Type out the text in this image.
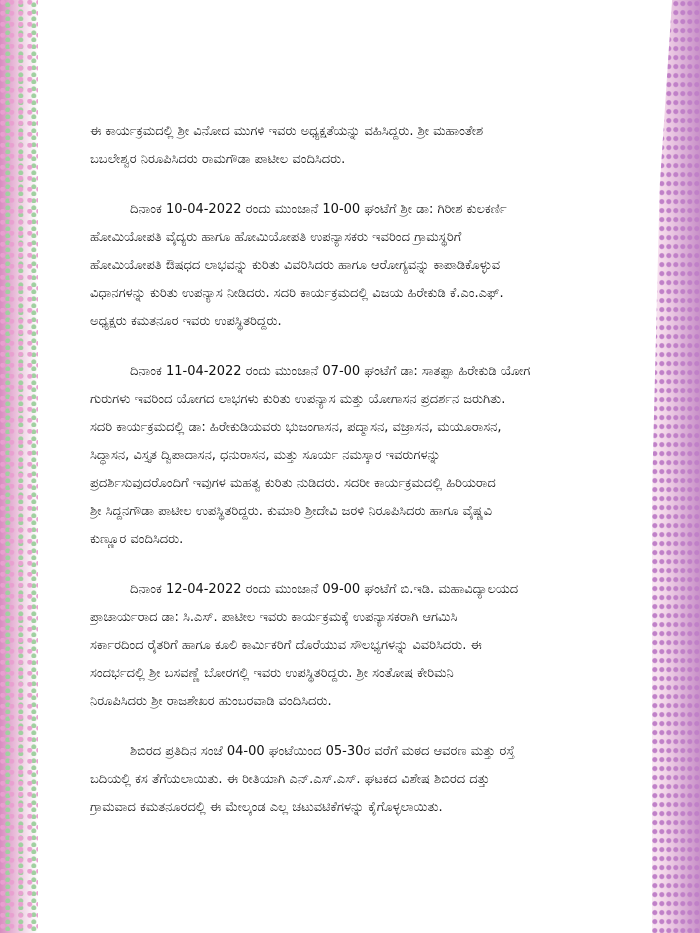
ಈ ಕಾರ್ಯಕ್ರಮದಲ್ಲಿ ಶ್ರೀ ವಿನೋದ ಮುಗಳಿ ಇವರು ಅಧ್ಯಕ್ಷತೆಯನ್ನು ವಹಿಸಿದ್ದರು. ಶ್ರೀ ಮಹಾಂತೇಶ
ಬಬಲೇಶ್ವರ ನಿರೂಪಿಸಿದರು ರಾಮಗೌಡಾ ಪಾಟೀಲ ವಂದಿಸಿದರು.
ದಿನಾಂಕ 10-04-2022 ರಂದು ಮುಂಜಾನೆ 10-00 ಘಂಟೆಗೆ ಶ್ರೀ ಡಾ: ಗಿರೀಶ ಕುಲಕರ್ಣಿ
ಹೋಮಿಯೋಪತಿ ವೈದ್ಯರು ಹಾಗೂ ಹೋಮಿಯೋಪತಿ ಉಪನ್ಯಾಸಕರು ಇವರಿಂದ ಗ್ರಾಮಸ್ಥರಿಗೆ
ಹೋಮಿಯೋಪತಿ ಔಷಧದ ಲಾಭವನ್ನು ಕುರಿತು ವಿವರಿಸಿದರು ಹಾಗೂ ಆರೋಗ್ಯವನ್ನು ಕಾಪಾಡಿಕೊಳ್ಳುವ
ವಿಧಾನಗಳನ್ನು ಕುರಿತು ಉಪನ್ಯಾಸ ನೀಡಿದರು. ಸದರಿ ಕಾರ್ಯಕ್ರಮದಲ್ಲಿ ವಿಜಯ ಹಿರೇಕುಡಿ ಕೆ.ಎಂ.ಎಫ್.
ಅಧ್ಯಕ್ಷರು ಕಮತನೂರ ಇವರು ಉಪಸ್ಥಿತರಿದ್ದರು.
ದಿನಾಂಕ 11-04-2022 ರಂದು ಮುಂಜಾನೆ 07-00 ಘಂಟೆಗೆ ಡಾ: ಸಾತಪ್ಪಾ ಹಿರೇಕುಡಿ ಯೋಗ
ಗುರುಗಳು ಇವರಿಂದ ಯೋಗದ ಲಾಭಗಳು ಕುರಿತು ಉಪನ್ಯಾಸ ಮತ್ತು ಯೋಗಾಸನ ಪ್ರದರ್ಶನ ಜರುಗಿತು.
ಸದರಿ ಕಾರ್ಯಕ್ರಮದಲ್ಲಿ ಡಾ: ಹಿರೇಕುಡಿಯವರು ಭುಜಂಗಾಸನ, ಪದ್ಮಾಸನ, ವಜ್ರಾಸನ, ಮಯೂರಾಸನ,
ಸಿದ್ಧಾಸನ, ವಿಸ್ತೃತ ದ್ವಿಪಾದಾಸನ, ಧನುರಾಸನ, ಮತ್ತು ಸೂರ್ಯ ನಮಸ್ಕಾರ ಇವರುಗಳನ್ನು
ಪ್ರದರ್ಶಿಸುವುದರೊಂದಿಗೆ ಇವುಗಳ ಮಹತ್ವ ಕುರಿತು ನುಡಿದರು. ಸದರೀ ಕಾರ್ಯಕ್ರಮದಲ್ಲಿ ಹಿರಿಯರಾದ
ಶ್ರೀ ಸಿದ್ದನಗೌಡಾ ಪಾಟೀಲ ಉಪಸ್ಥಿತರಿದ್ದರು. ಕುಮಾರಿ ಶ್ರೀದೇವಿ ಜರಳಿ ನಿರೂಪಿಸಿದರು ಹಾಗೂ ವೈಷ್ಣವಿ
ಕುಣ್ಣೂರ ವಂದಿಸಿದರು.
ದಿನಾಂಕ 12-04-2022 ರಂದು ಮುಂಜಾನೆ 09-00 ಘಂಟೆಗೆ ಬಿ.ಇಡಿ. ಮಹಾವಿದ್ಯಾಲಯದ
ಪ್ರಾಚಾರ್ಯರಾದ ಡಾ: ಸಿ.ಎಸ್. ಪಾಟೀಲ ಇವರು ಕಾರ್ಯಕ್ರಮಕ್ಕೆ ಉಪನ್ಯಾಸಕರಾಗಿ ಆಗಮಿಸಿ
ಸರ್ಕಾರದಿಂದ ರೈತರಿಗೆ ಹಾಗೂ ಕೂಲಿ ಕಾರ್ಮಿಕರಿಗೆ ದೊರೆಯುವ ಸೌಲಭ್ಯಗಳನ್ನು ವಿವರಿಸಿದರು. ಈ
ಸಂದರ್ಭದಲ್ಲಿ ಶ್ರೀ ಬಸವಣ್ಣೆ ಬೋರಗಲ್ಲಿ ಇವರು ಉಪಸ್ಥಿತರಿದ್ದರು. ಶ್ರೀ ಸಂತೋಷ ಕೇರಿಮನಿ
ನಿರೂಪಿಸಿದರು ಶ್ರೀ ರಾಜಶೇಖರ ಹುಂಬರವಾಡಿ ವಂದಿಸಿದರು.
ಶಿಬಿರದ ಪ್ರತಿದಿನ ಸಂಜೆ 04-00 ಘಂಟೆಯಿಂದ 05-30ರ ವರೆಗೆ ಮಠದ ಆವರಣ ಮತ್ತು ರಸ್ತೆ
ಬದಿಯಲ್ಲಿ ಕಸ ತೆಗೆಯಲಾಯಿತು. ಈ ರೀತಿಯಾಗಿ ಎನ್.ಎಸ್.ಎಸ್. ಘಟಕದ ವಿಶೇಷ ಶಿಬಿರದ ದತ್ತು
ಗ್ರಾಮವಾದ ಕಮತನೂರದಲ್ಲಿ ಈ ಮೇಲ್ಕಂಡ ಎಲ್ಲ ಚಟುವಟಿಕೆಗಳನ್ನು ಕೈಗೊಳ್ಳಲಾಯಿತು.
